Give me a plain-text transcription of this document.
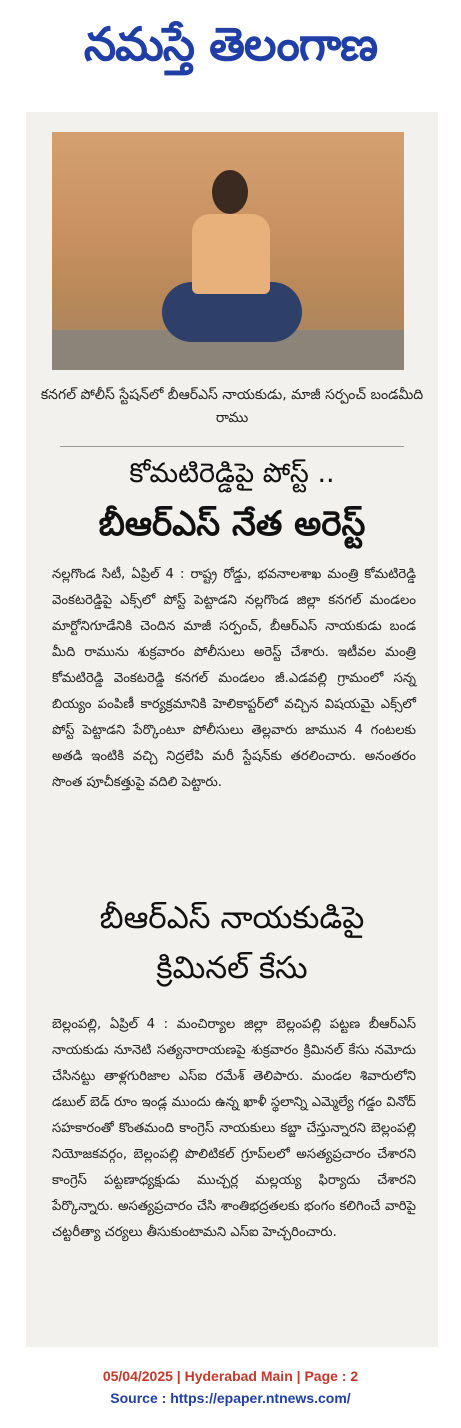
నమస్తే తెలంగాణ
కనగల్ పోలీస్ స్టేషన్‌లో బీఆర్ఎస్ నాయకుడు, మాజీ సర్పంచ్ బండమీది రాము
కోమటిరెడ్డిపై పోస్ట్ ..
బీఆర్ఎస్ నేత అరెస్ట్
నల్లగొండ సిటీ, ఏప్రిల్ 4 : రాష్ట్ర రోడ్డు, భవనాలశాఖ మంత్రి కోమటిరెడ్డి వెంకటరెడ్డిపై ఎక్స్‌లో పోస్ట్ పెట్టాడని నల్లగొండ జిల్లా కనగల్ మండలం మార్టోనిగూడేనికి చెందిన మాజీ సర్పంచ్, బీఆర్ఎస్ నాయకుడు బండ మీది రామును శుక్రవారం పోలీసులు అరెస్ట్ చేశారు. ఇటీవల మంత్రి కోమటిరెడ్డి వెంకటరెడ్డి కనగల్ మండలం జీ.ఎడవల్లి గ్రామంలో సన్న బియ్యం పంపిణీ కార్యక్రమానికి హెలికాప్టర్‌లో వచ్చిన విషయమై ఎక్స్‌లో పోస్ట్ పెట్టాడని పేర్కొంటూ పోలీసులు తెల్లవారు జామున 4 గంటలకు అతడి ఇంటికి వచ్చి నిద్రలేపి మరీ స్టేషన్‌కు తరలించారు. అనంతరం సొంత పూచీకత్తుపై వదిలి పెట్టారు.
బీఆర్ఎస్ నాయకుడిపై
క్రిమినల్ కేసు
బెల్లంపల్లి, ఏప్రిల్ 4 : మంచిర్యాల జిల్లా బెల్లంపల్లి పట్టణ బీఆర్ఎస్ నాయకుడు నూనెటి సత్యనారాయణపై శుక్రవారం క్రిమినల్ కేసు నమోదు చేసినట్టు తాళ్లగురిజాల ఎస్ఐ రమేశ్ తెలిపారు. మండల శివారులోని డబుల్ బెడ్ రూం ఇండ్ల ముందు ఉన్న ఖాళీ స్థలాన్ని ఎమ్మెల్యే గడ్డం వినోద్ సహకారంతో కొంతమంది కాంగ్రెస్ నాయకులు కబ్జా చేస్తున్నారని బెల్లంపల్లి నియోజకవర్గం, బెల్లంపల్లి పొలిటికల్ గ్రూప్‌లలో అసత్యప్రచారం చేశారని కాంగ్రెస్ పట్టణాధ్యక్షుడు ముచ్చర్ల మల్లయ్య ఫిర్యాదు చేశారని పేర్కొన్నారు. అసత్యప్రచారం చేసి శాంతిభద్రతలకు భంగం కలిగించే వారిపై చట్టరీత్యా చర్యలు తీసుకుంటామని ఎస్ఐ హెచ్చరించారు.
05/04/2025 | Hyderabad Main | Page : 2
Source : https://epaper.ntnews.com/
